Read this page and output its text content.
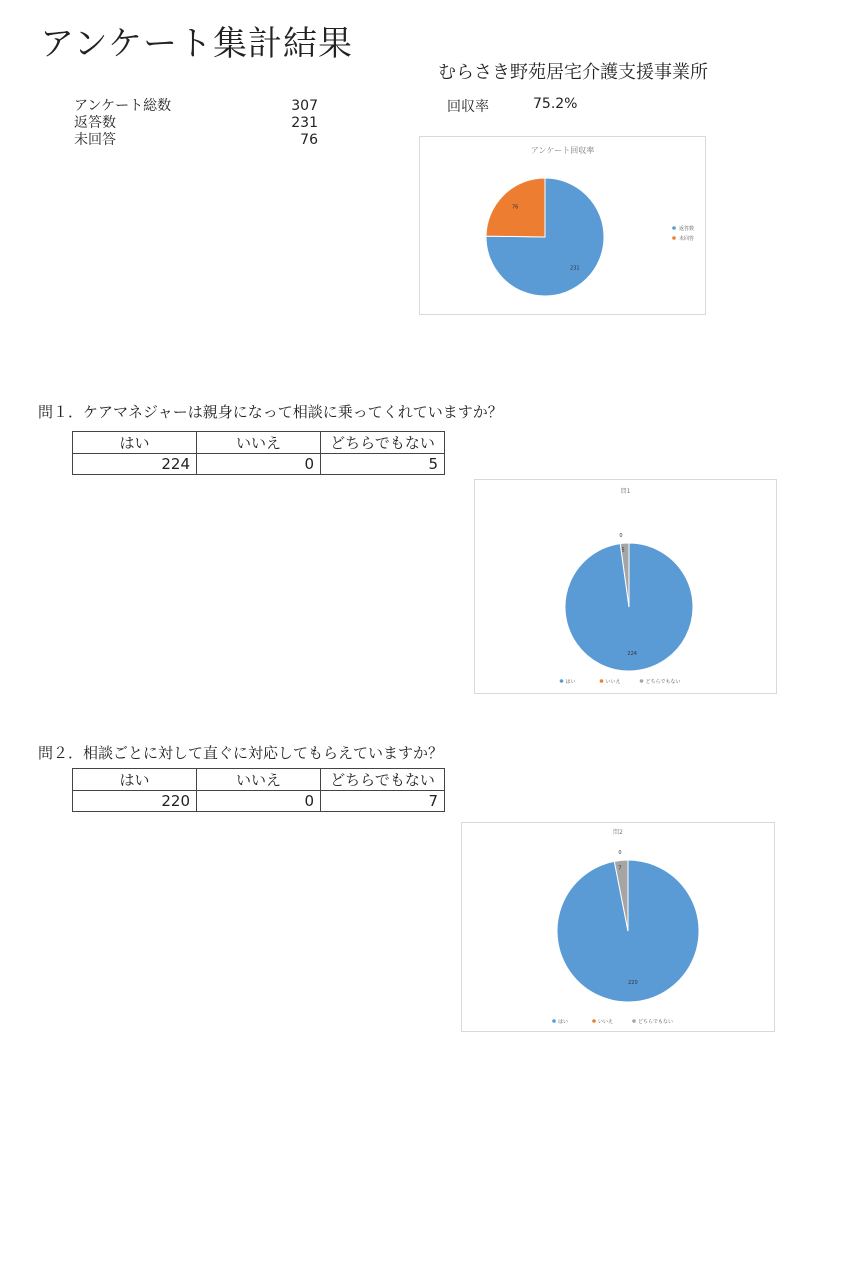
アンケート集計結果
むらさき野苑居宅介護支援事業所
アンケート総数	307
返答数	231
未回答	76
回収率	75.2%
アンケート回収率
231
76
返答数
未回答
問１．ケアマネジャーは親身になって相談に乗ってくれていますか？
はい	いいえ	どちらでもない
224	0	5
問1
224
0
5
はい	いいえ	どちらでもない
問２．相談ごとに対して直ぐに対応してもらえていますか？
はい	いいえ	どちらでもない
220	0	7
問2
220
0
7
はい	いいえ	どちらでもない
